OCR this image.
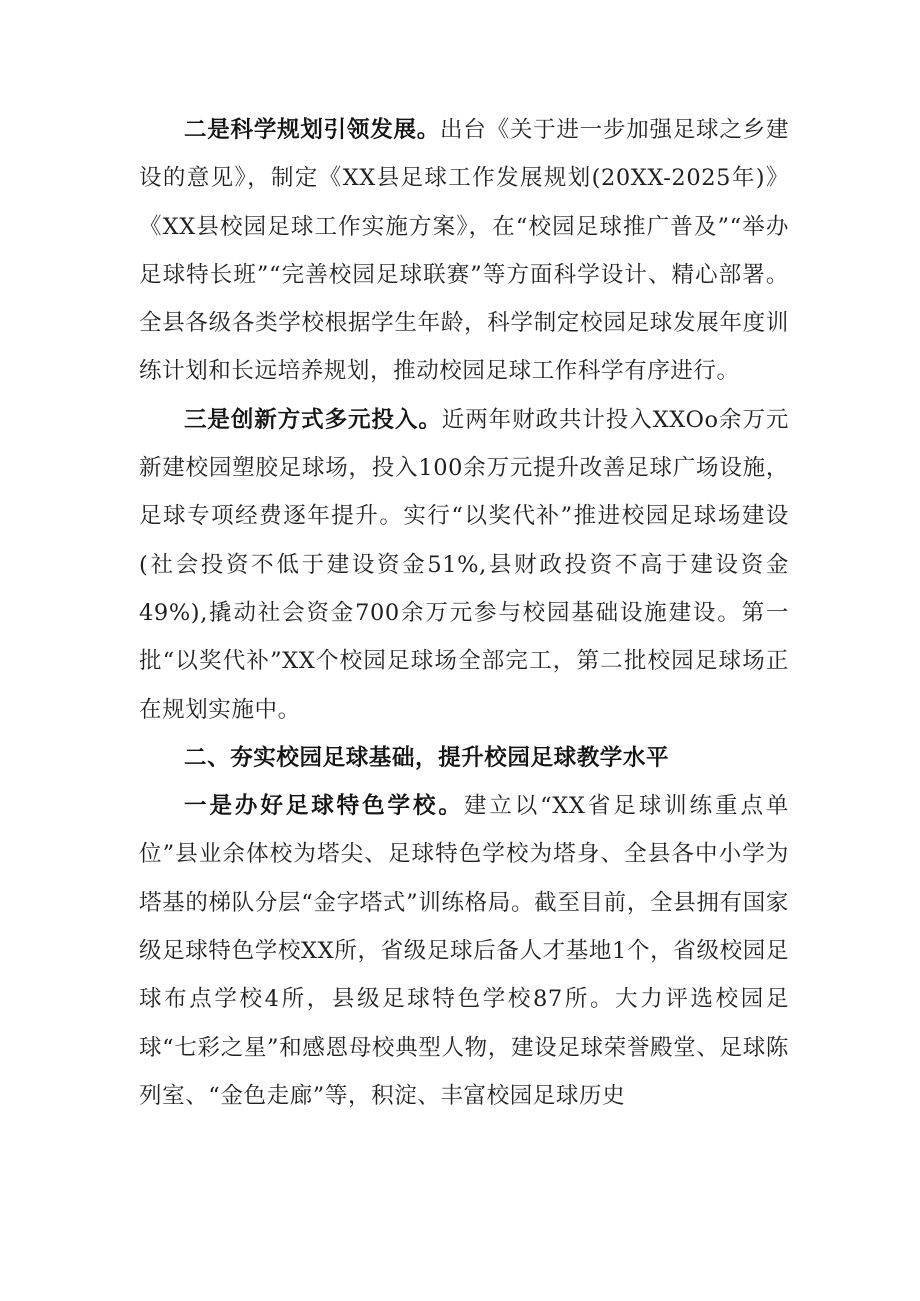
二是科学规划引领发展。出台《关于进一步加强足球之乡建设的意见》，制定《XX县足球工作发展规划(20XX-2025年)》《XX县校园足球工作实施方案》，在“校园足球推广普及”“举办足球特长班”“完善校园足球联赛”等方面科学设计、精心部署。全县各级各类学校根据学生年龄，科学制定校园足球发展年度训练计划和长远培养规划，推动校园足球工作科学有序进行。

三是创新方式多元投入。近两年财政共计投入XXOo余万元新建校园塑胶足球场，投入100余万元提升改善足球广场设施，足球专项经费逐年提升。实行“以奖代补”推进校园足球场建设(社会投资不低于建设资金51%,县财政投资不高于建设资金49%),撬动社会资金700余万元参与校园基础设施建设。第一批“以奖代补”XX个校园足球场全部完工，第二批校园足球场正在规划实施中。

二、夯实校园足球基础，提升校园足球教学水平

一是办好足球特色学校。建立以“XX省足球训练重点单位”县业余体校为塔尖、足球特色学校为塔身、全县各中小学为塔基的梯队分层“金字塔式”训练格局。截至目前，全县拥有国家级足球特色学校XX所，省级足球后备人才基地1个，省级校园足球布点学校4所，县级足球特色学校87所。大力评选校园足球“七彩之星”和感恩母校典型人物，建设足球荣誉殿堂、足球陈列室、“金色走廊”等，积淀、丰富校园足球历史
